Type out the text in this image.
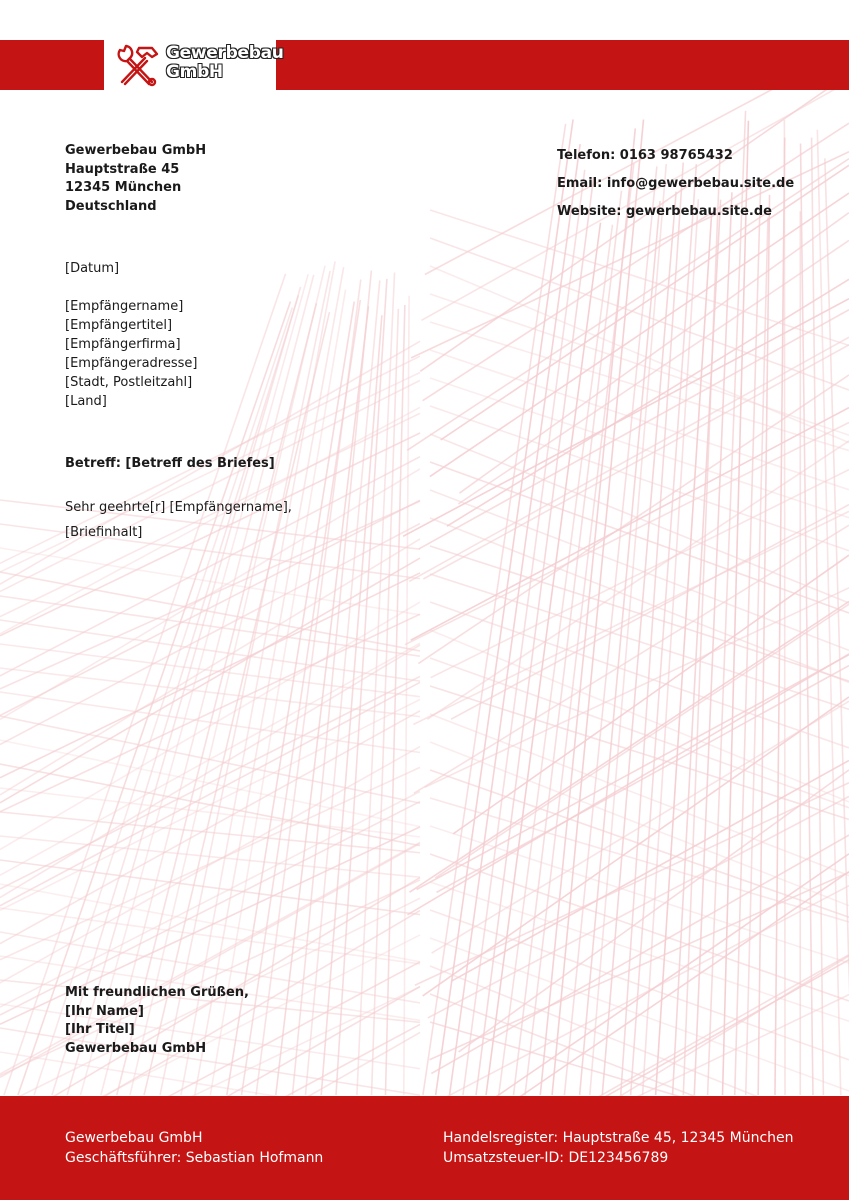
Gewerbebau
GmbH
Gewerbebau GmbH
Hauptstraße 45
12345 München
Deutschland
Telefon: 0163 98765432
Email: info@gewerbebau.site.de
Website: gewerbebau.site.de
[Datum]
[Empfängername]
[Empfängertitel]
[Empfängerfirma]
[Empfängeradresse]
[Stadt, Postleitzahl]
[Land]
Betreff: [Betreff des Briefes]
Sehr geehrte[r] [Empfängername],
[Briefinhalt]
Mit freundlichen Grüßen,
[Ihr Name]
[Ihr Titel]
Gewerbebau GmbH
Gewerbebau GmbH
Geschäftsführer: Sebastian Hofmann
Handelsregister: Hauptstraße 45, 12345 München
Umsatzsteuer-ID: DE123456789
